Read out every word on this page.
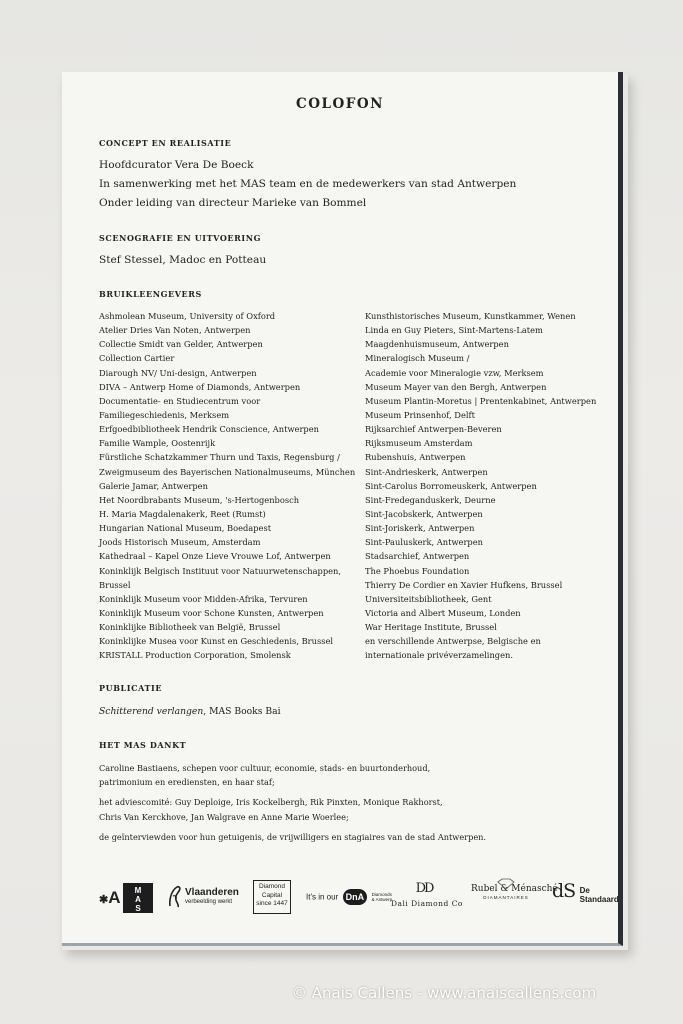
COLOFON
CONCEPT EN REALISATIE
Hoofdcurator Vera De Boeck
In samenwerking met het MAS team en de medewerkers van stad Antwerpen
Onder leiding van directeur Marieke van Bommel
SCENOGRAFIE EN UITVOERING
Stef Stessel, Madoc en Potteau
BRUIKLEENGEVERS
Ashmolean Museum, University of Oxford
Atelier Dries Van Noten, Antwerpen
Collectie Smidt van Gelder, Antwerpen
Collection Cartier
Diarough NV/ Uni-design, Antwerpen
DIVA – Antwerp Home of Diamonds, Antwerpen
Documentatie- en Studiecentrum voor
Familiegeschiedenis, Merksem
Erfgoedbibliotheek Hendrik Conscience, Antwerpen
Familie Wample, Oostenrijk
Fürstliche Schatzkammer Thurn und Taxis, Regensburg /
Zweigmuseum des Bayerischen Nationalmuseums, München
Galerie Jamar, Antwerpen
Het Noordbrabants Museum, 's-Hertogenbosch
H. Maria Magdalenakerk, Reet (Rumst)
Hungarian National Museum, Boedapest
Joods Historisch Museum, Amsterdam
Kathedraal – Kapel Onze Lieve Vrouwe Lof, Antwerpen
Koninklijk Belgisch Instituut voor Natuurwetenschappen,
Brussel
Koninklijk Museum voor Midden-Afrika, Tervuren
Koninklijk Museum voor Schone Kunsten, Antwerpen
Koninklijke Bibliotheek van België, Brussel
Koninklijke Musea voor Kunst en Geschiedenis, Brussel
KRISTALL Production Corporation, Smolensk
Kunsthistorisches Museum, Kunstkammer, Wenen
Linda en Guy Pieters, Sint-Martens-Latem
Maagdenhuismuseum, Antwerpen
Mineralogisch Museum /
Academie voor Mineralogie vzw, Merksem
Museum Mayer van den Bergh, Antwerpen
Museum Plantin-Moretus | Prentenkabinet, Antwerpen
Museum Prinsenhof, Delft
Rijksarchief Antwerpen-Beveren
Rijksmuseum Amsterdam
Rubenshuis, Antwerpen
Sint-Andrieskerk, Antwerpen
Sint-Carolus Borromeuskerk, Antwerpen
Sint-Fredeganduskerk, Deurne
Sint-Jacobskerk, Antwerpen
Sint-Joriskerk, Antwerpen
Sint-Pauluskerk, Antwerpen
Stadsarchief, Antwerpen
The Phoebus Foundation
Thierry De Cordier en Xavier Hufkens, Brussel
Universiteitsbibliotheek, Gent
Victoria and Albert Museum, Londen
War Heritage Institute, Brussel
en verschillende Antwerpse, Belgische en
internationale privéverzamelingen.
PUBLICATIE
Schitterend verlangen, MAS Books Bai
HET MAS DANKT
Caroline Bastiaens, schepen voor cultuur, economie, stads- en buurtonderhoud,
patrimonium en erediensten, en haar staf;
het adviescomité: Guy Deploige, Iris Kockelbergh, Rik Pinxten, Monique Rakhorst,
Chris Van Kerckhove, Jan Walgrave en Anne Marie Woerlee;
de geïnterviewden voor hun getuigenis, de vrijwilligers en stagiaires van de stad Antwerpen.
✱A	M A S
Vlaanderen
verbeelding werkt
Diamond
Capital
since 1447
It's in our DnA Diamonds
& Antwerp
DD
Dali Diamond Co
Rubel & Ménasché
DIAMANTAIRES	dS De
Standaard
© Anais Callens - www.anaiscallens.com
